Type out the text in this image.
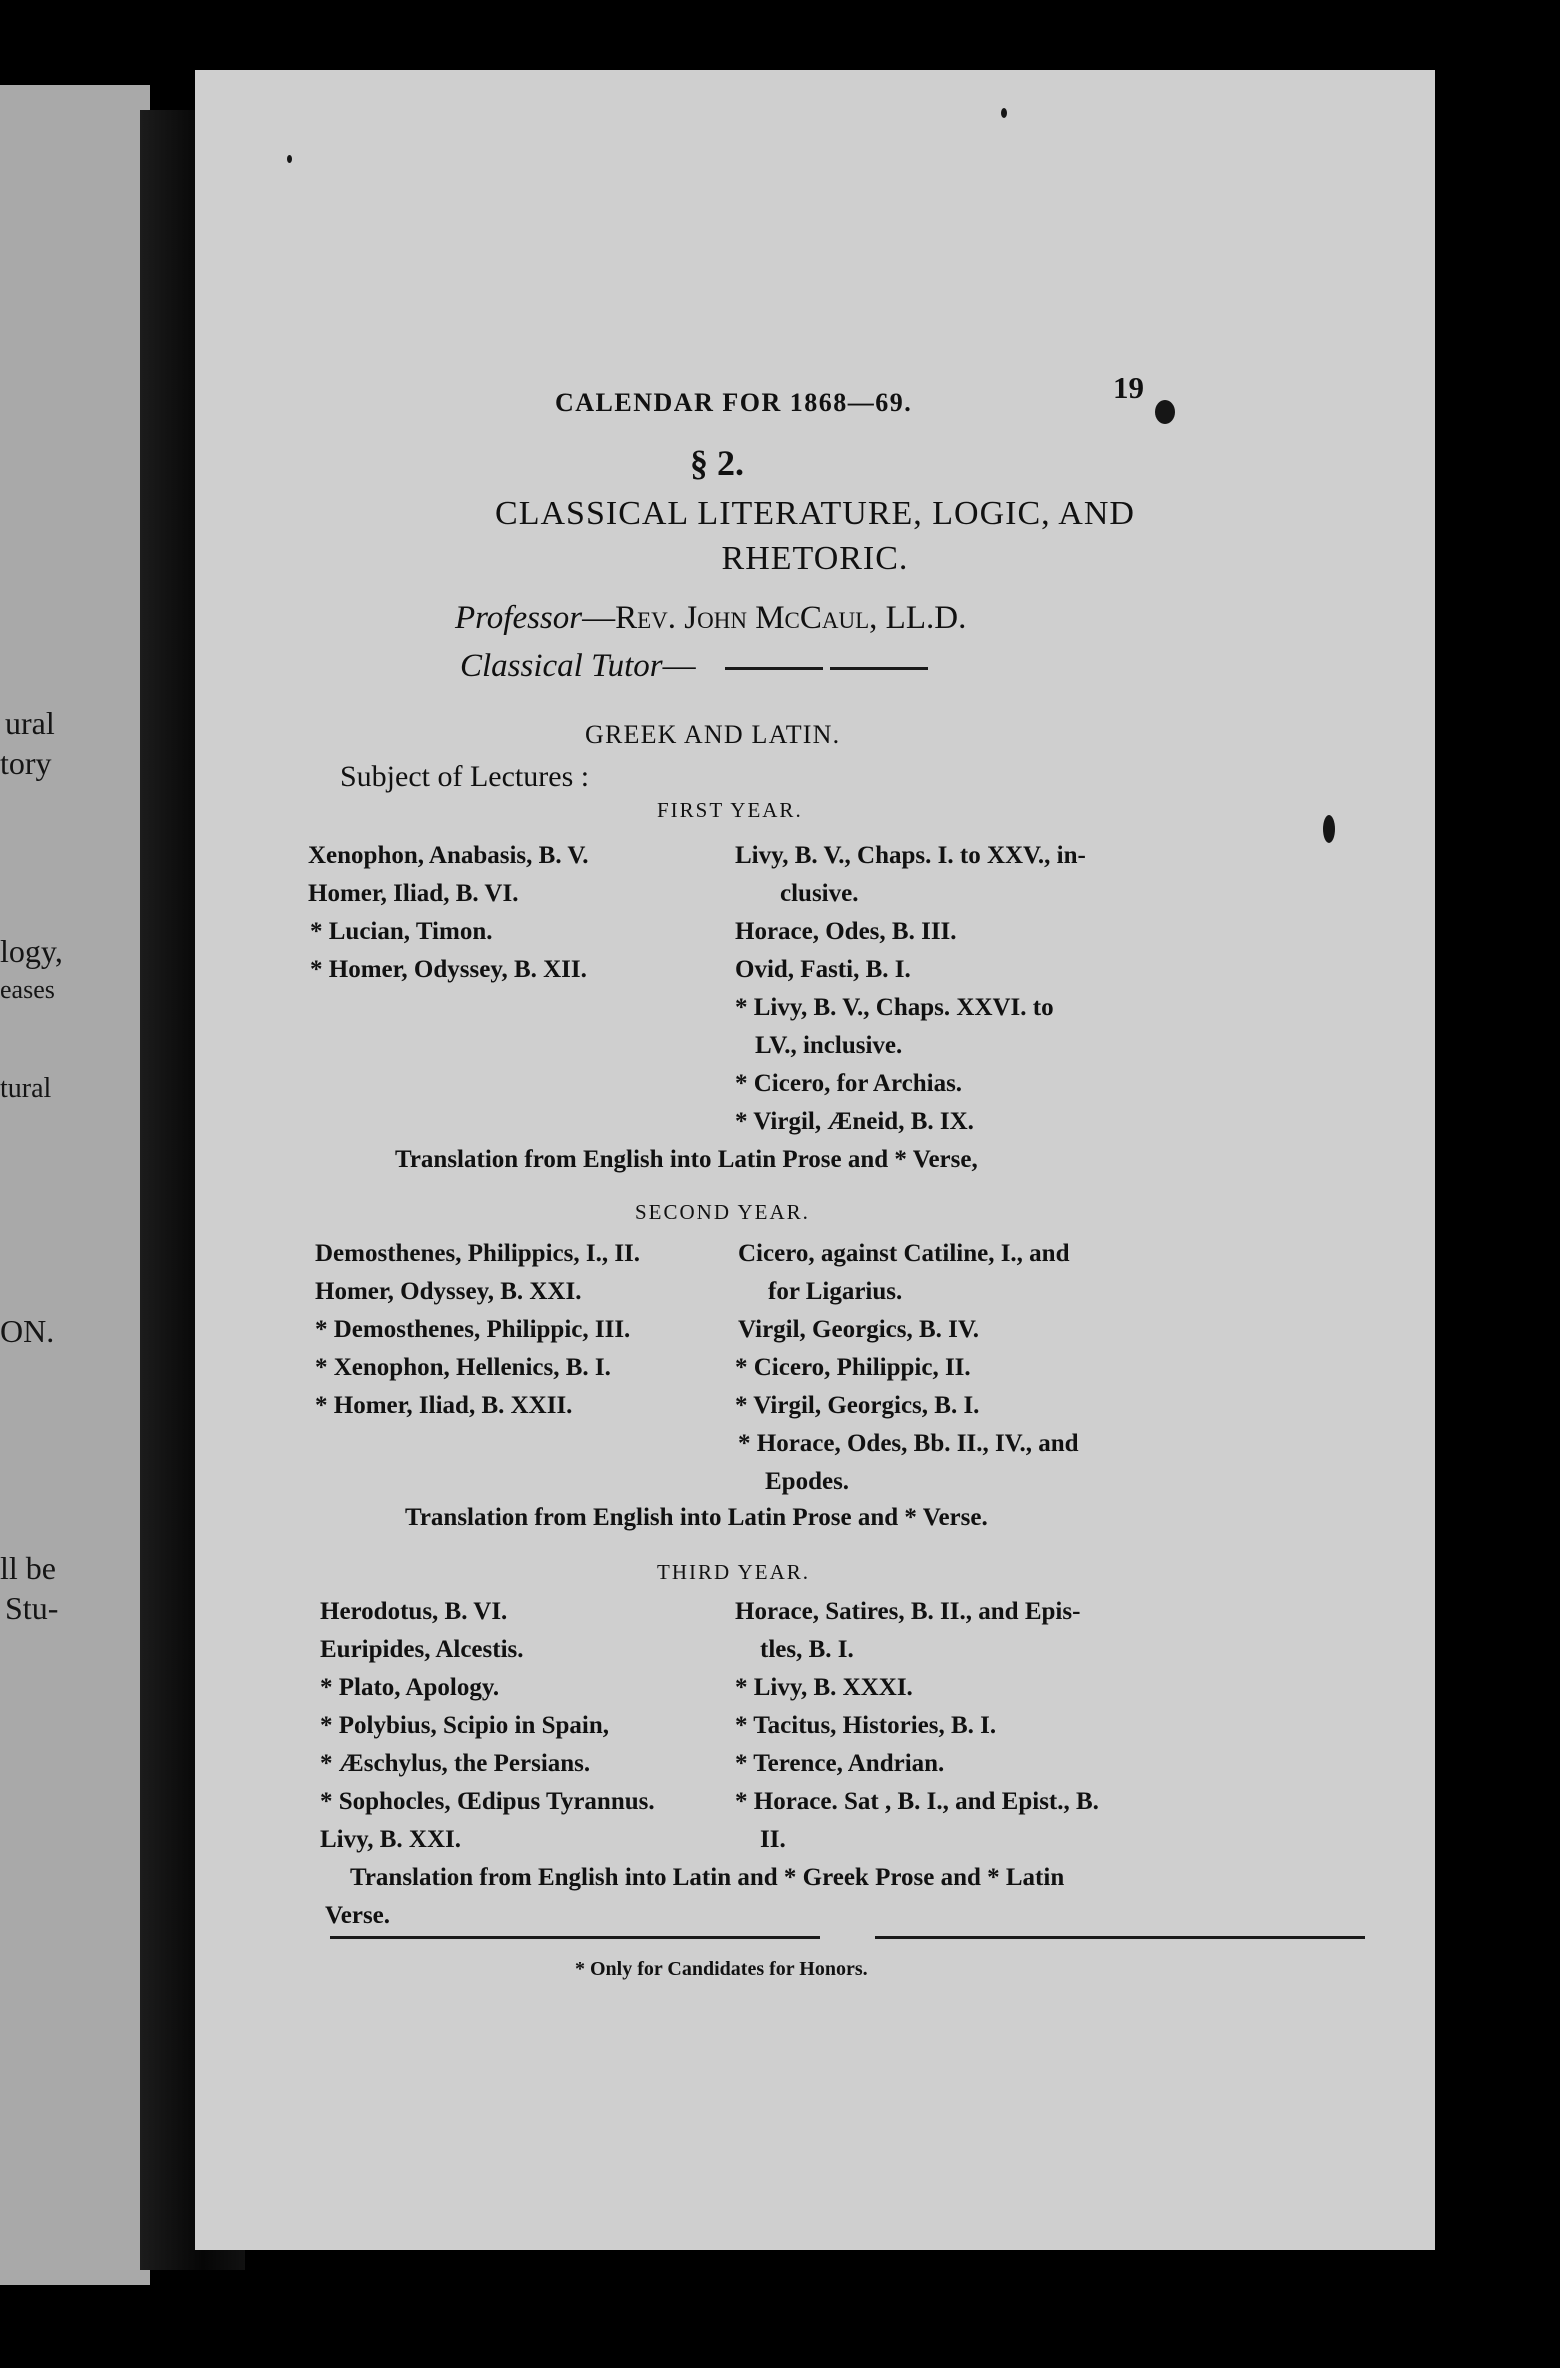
ural
tory
logy,
eases
tural
ON.
ll be
Stu-
CALENDAR FOR 1868—69.	19
§ 2.
CLASSICAL LITERATURE, LOGIC, AND
RHETORIC.
Professor—Rev. John McCaul, LL.D.
Classical Tutor—
GREEK AND LATIN.
Subject of Lectures :
FIRST YEAR.
Xenophon, Anabasis, B. V.
Homer, Iliad, B. VI.
* Lucian, Timon.
* Homer, Odyssey, B. XII.
Livy, B. V., Chaps. I. to XXV., in-
clusive.
Horace, Odes, B. III.
Ovid, Fasti, B. I.
* Livy, B. V., Chaps. XXVI. to
LV., inclusive.
* Cicero, for Archias.
* Virgil, Æneid, B. IX.
Translation from English into Latin Prose and * Verse,
SECOND YEAR.
Demosthenes, Philippics, I., II.
Homer, Odyssey, B. XXI.
* Demosthenes, Philippic, III.
* Xenophon, Hellenics, B. I.
* Homer, Iliad, B. XXII.
Cicero, against Catiline, I., and
for Ligarius.
Virgil, Georgics, B. IV.
* Cicero, Philippic, II.
* Virgil, Georgics, B. I.
* Horace, Odes, Bb. II., IV., and
Epodes.
Translation from English into Latin Prose and * Verse.
THIRD YEAR.
Herodotus, B. VI.
Euripides, Alcestis.
* Plato, Apology.
* Polybius, Scipio in Spain,
* Æschylus, the Persians.
* Sophocles, Œdipus Tyrannus.
Livy, B. XXI.
Horace, Satires, B. II., and Epis-
tles, B. I.
* Livy, B. XXXI.
* Tacitus, Histories, B. I.
* Terence, Andrian.
* Horace. Sat , B. I., and Epist., B.
II.
Translation from English into Latin and * Greek Prose and * Latin
Verse.
* Only for Candidates for Honors.
